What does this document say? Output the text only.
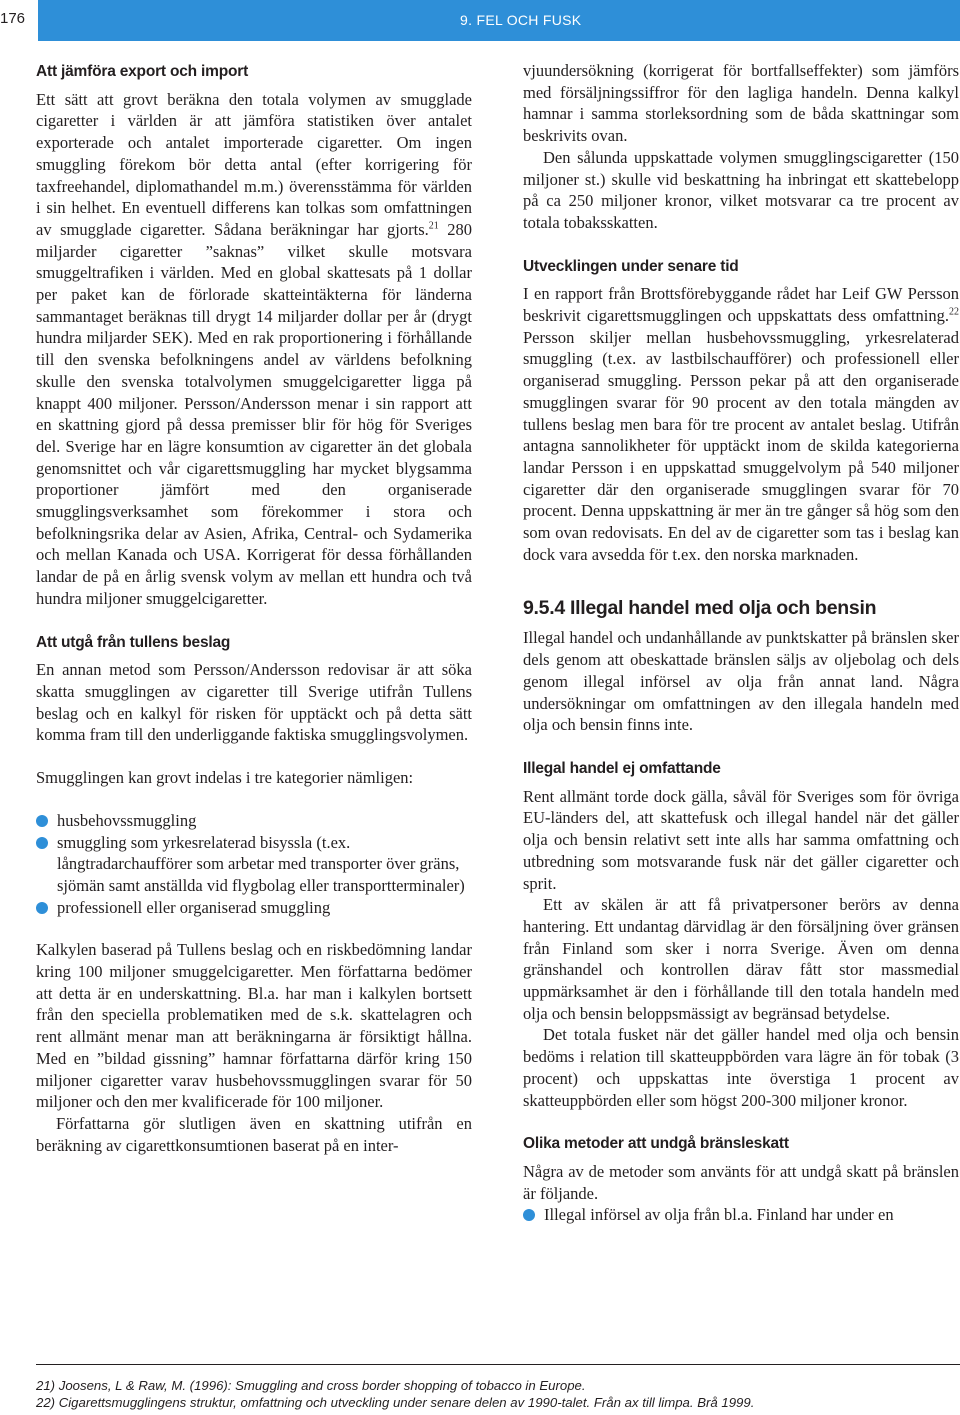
176	9. FEL OCH FUSK
Att jämföra export och import

Ett sätt att grovt beräkna den totala volymen av smugglade cigaretter i världen är att jämföra statistiken över antalet exporterade och antalet importerade cigaretter. Om ingen smuggling förekom bör detta antal (efter korrigering för taxfreehandel, diplomathandel m.m.) överensstämma för världen i sin helhet. En eventuell differens kan tolkas som omfattningen av smugglade cigaretter. Sådana beräkningar har gjorts.$^{21}$ 280 miljarder cigaretter ”saknas” vilket skulle motsvara smuggeltrafiken i världen. Med en global skattesats på 1 dollar per paket kan de förlorade skatteintäkterna för länderna sammantaget beräknas till drygt 14 miljarder dollar per år (drygt hundra miljarder SEK). Med en rak proportionering i förhållande till den svenska befolkningens andel av världens befolkning skulle den svenska totalvolymen smuggelcigaretter ligga på knappt 400 miljoner. Persson/Andersson menar i sin rapport att en skattning gjord på dessa premisser blir för hög för Sveriges del. Sverige har en lägre konsumtion av cigaretter än det globala genomsnittet och vår cigarettsmuggling har mycket blygsamma proportioner jämfört med den organiserade smugglingsverksamhet som förekommer i stora och befolkningsrika delar av Asien, Afrika, Central- och Sydamerika och mellan Kanada och USA. Korrigerat för dessa förhållanden landar de på en årlig svensk volym av mellan ett hundra och två hundra miljoner smuggelcigaretter.

Att utgå från tullens beslag

En annan metod som Persson/Andersson redovisar är att söka skatta smugglingen av cigaretter till Sverige utifrån Tullens beslag och en kalkyl för risken för upptäckt och på detta sätt komma fram till den underliggande faktiska smugglingsvolymen.

Smugglingen kan grovt indelas i tre kategorier nämligen:

husbehovssmuggling
smuggling som yrkesrelaterad bisyssla (t.ex. långtradarchaufförer som arbetar med transporter över gräns, sjömän samt anställda vid flygbolag eller transportterminaler)
professionell eller organiserad smuggling

Kalkylen baserad på Tullens beslag och en riskbedömning landar kring 100 miljoner smuggelcigaretter. Men författarna bedömer att detta är en underskattning. Bl.a. har man i kalkylen bortsett från den speciella problematiken med de s.k. skattelagren och rent allmänt menar man att beräkningarna är försiktigt hållna. Med en ”bildad gissning” hamnar författarna därför kring 150 miljoner cigaretter varav husbehovssmugglingen svarar för 50 miljoner och den mer kvalificerade för 100 miljoner.

Författarna gör slutligen även en skattning utifrån en beräkning av cigarettkonsumtionen baserat på en inter-

vjuundersökning (korrigerat för bortfallseffekter) som jämförs med försäljningssiffror för den lagliga handeln. Denna kalkyl hamnar i samma storleksordning som de båda skattningar som beskrivits ovan.

Den sålunda uppskattade volymen smugglingscigaretter (150 miljoner st.) skulle vid beskattning ha inbringat ett skattebelopp på ca 250 miljoner kronor, vilket motsvarar ca tre procent av totala tobaksskatten.

Utvecklingen under senare tid

I en rapport från Brottsförebyggande rådet har Leif GW Persson beskrivit cigarettsmugglingen och uppskattats dess omfattning.$^{22}$ Persson skiljer mellan husbehovssmuggling, yrkesrelaterad smuggling (t.ex. av lastbilschaufförer) och professionell eller organiserad smuggling. Persson pekar på att den organiserade smugglingen svarar för 90 procent av den totala mängden av tullens beslag men bara för tre procent av antalet beslag. Utifrån antagna sannolikheter för upptäckt inom de skilda kategorierna landar Persson i en uppskattad smuggelvolym på 540 miljoner cigaretter där den organiserade smugglingen svarar för 70 procent. Denna uppskattning är mer än tre gånger så hög som den som ovan redovisats. En del av de cigaretter som tas i beslag kan dock vara avsedda för t.ex. den norska marknaden.

9.5.4 Illegal handel med olja och bensin

Illegal handel och undanhållande av punktskatter på bränslen sker dels genom att obeskattade bränslen säljs av oljebolag och dels genom illegal införsel av olja från annat land. Några undersökningar om omfattningen av den illegala handeln med olja och bensin finns inte.

Illegal handel ej omfattande

Rent allmänt torde dock gälla, såväl för Sveriges som för övriga EU-länders del, att skattefusk och illegal handel när det gäller olja och bensin relativt sett inte alls har samma omfattning och utbredning som motsvarande fusk när det gäller cigaretter och sprit.

Ett av skälen är att få privatpersoner berörs av denna hantering. Ett undantag därvidlag är den försäljning över gränsen från Finland som sker i norra Sverige. Även om denna gränshandel och kontrollen därav fått stor massmedial uppmärksamhet är den i förhållande till den totala handeln med olja och bensin beloppsmässigt av begränsad betydelse.

Det totala fusket när det gäller handel med olja och bensin bedöms i relation till skatteuppbörden vara lägre än för tobak (3 procent) och uppskattas inte överstiga 1 procent av skatteuppbörden eller som högst 200-300 miljoner kronor.

Olika metoder att undgå bränsleskatt

Några av de metoder som använts för att undgå skatt på bränslen är följande.

Illegal införsel av olja från bl.a. Finland har under en
21) Joosens, L & Raw, M. (1996): Smuggling and cross border shopping of tobacco in Europe.
22) Cigarettsmugglingens struktur, omfattning och utveckling under senare delen av 1990-talet. Från ax till limpa. Brå 1999.
